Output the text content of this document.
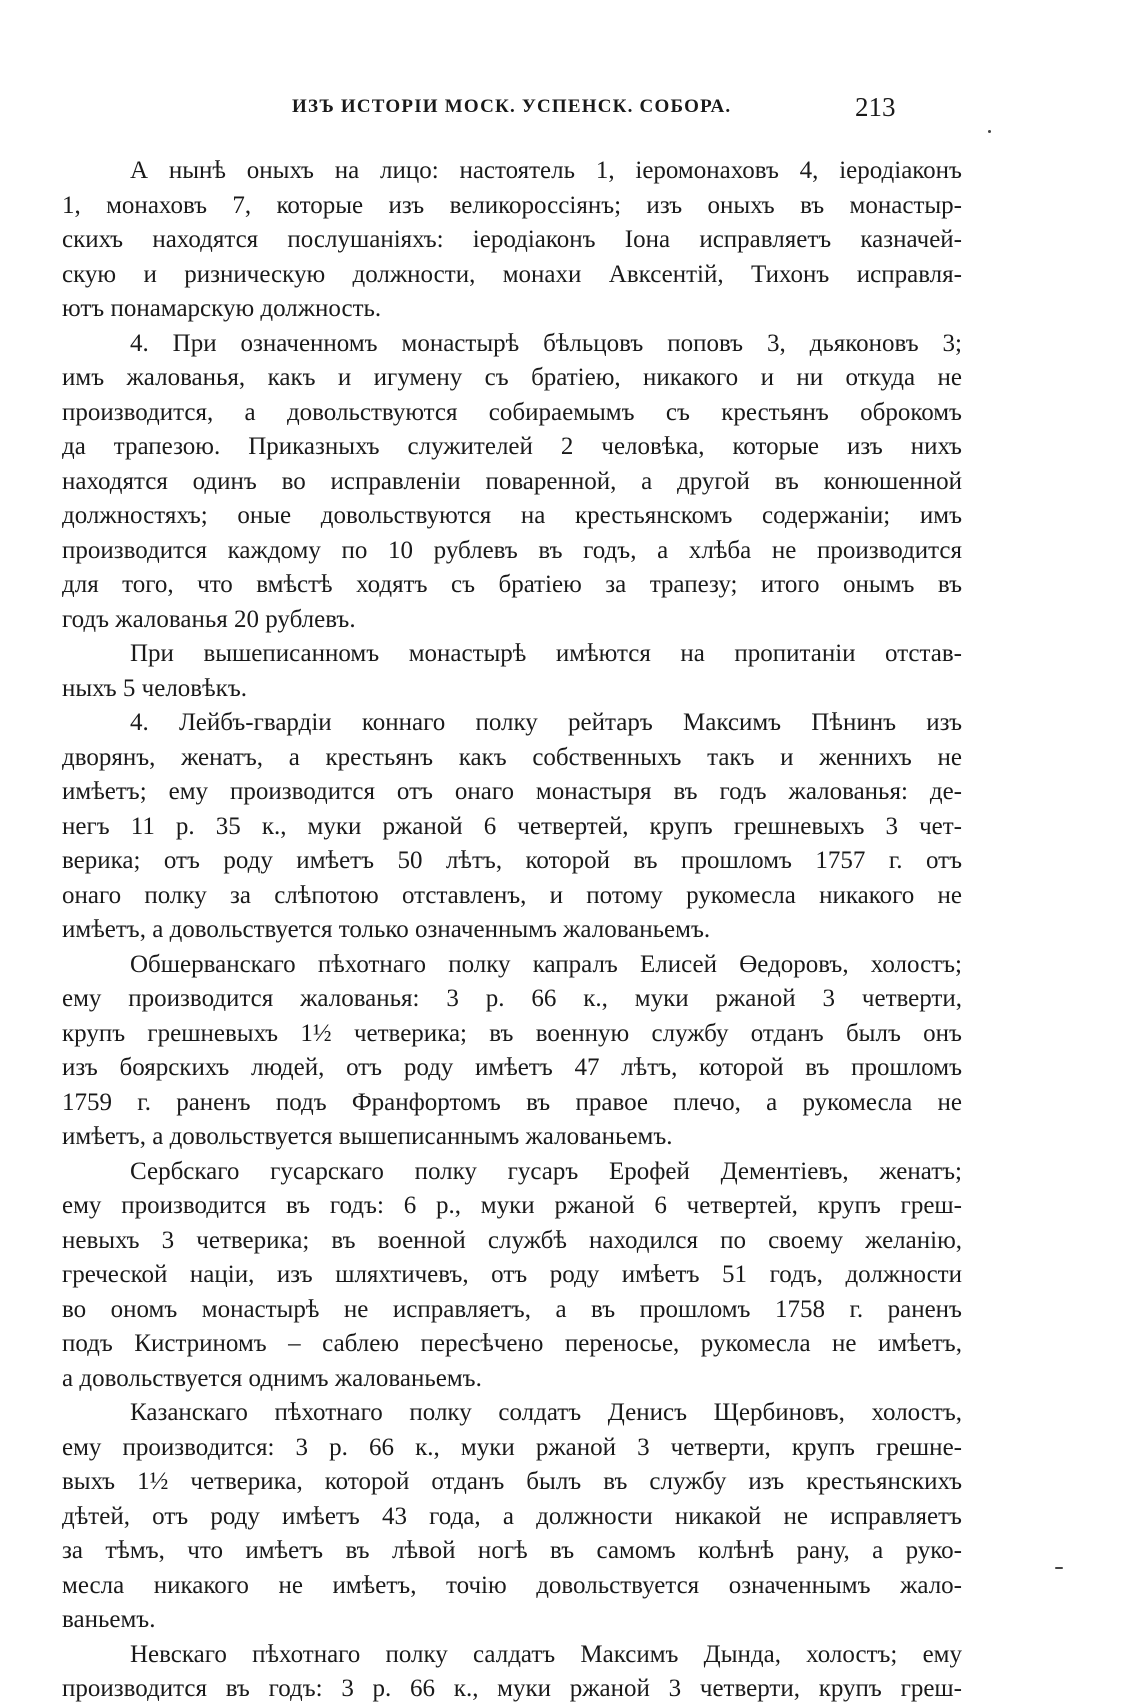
ИЗЪ ИСТОРІИ МОСК. УСПЕНСК. СОБОРА.	213
А нынѣ оныхъ на лицо: настоятель 1, іеромонаховъ 4, іеродіаконъ
1, монаховъ 7, которые изъ великороссіянъ; изъ оныхъ въ монастыр-
скихъ находятся послушаніяхъ: іеродіаконъ Іона исправляетъ казначей-
скую и ризническую должности, монахи Авксентій, Тихонъ исправля-
ютъ понамарскую должность.
4. При означенномъ монастырѣ бѣльцовъ поповъ 3, дьяконовъ 3;
имъ жалованья, какъ и игумену съ братіею, никакого и ни откуда не
производится, а довольствуются собираемымъ съ крестьянъ оброкомъ
да трапезою. Приказныхъ служителей 2 человѣка, которые изъ нихъ
находятся одинъ во исправленіи поваренной, а другой въ конюшенной
должностяхъ; оные довольствуются на крестьянскомъ содержаніи; имъ
производится каждому по 10 рублевъ въ годъ, а хлѣба не производится
для того, что вмѣстѣ ходятъ съ братіею за трапезу; итого онымъ въ
годъ жалованья 20 рублевъ.
При вышеписанномъ монастырѣ имѣются на пропитаніи отстав-
ныхъ 5 человѣкъ.
4. Лейбъ-гвардіи коннаго полку рейтаръ Максимъ Пѣнинъ изъ
дворянъ, женатъ, а крестьянъ какъ собственныхъ такъ и женнихъ не
имѣетъ; ему производится отъ онаго монастыря въ годъ жалованья: де-
негъ 11 р. 35 к., муки ржаной 6 четвертей, крупъ грешневыхъ 3 чет-
верика; отъ роду имѣетъ 50 лѣтъ, которой въ прошломъ 1757 г. отъ
онаго полку за слѣпотою отставленъ, и потому рукомесла никакого не
имѣетъ, а довольствуется только означеннымъ жалованьемъ.
Обшерванскаго пѣхотнаго полку капралъ Елисей Өедоровъ, холостъ;
ему производится жалованья: 3 р. 66 к., муки ржаной 3 четверти,
крупъ грешневыхъ 1½ четверика; въ военную службу отданъ былъ онъ
изъ боярскихъ людей, отъ роду имѣетъ 47 лѣтъ, которой въ прошломъ
1759 г. раненъ подъ Франфортомъ въ правое плечо, а рукомесла не
имѣетъ, а довольствуется вышеписаннымъ жалованьемъ.
Сербскаго гусарскаго полку гусаръ Ерофей Дементіевъ, женатъ;
ему производится въ годъ: 6 р., муки ржаной 6 четвертей, крупъ греш-
невыхъ 3 четверика; въ военной службѣ находился по своему желанію,
греческой націи, изъ шляхтичевъ, отъ роду имѣетъ 51 годъ, должности
во ономъ монастырѣ не исправляетъ, а въ прошломъ 1758 г. раненъ
подъ Кистриномъ – саблею пересѣчено переносье, рукомесла не имѣетъ,
а довольствуется однимъ жалованьемъ.
Казанскаго пѣхотнаго полку солдатъ Денисъ Щербиновъ, холостъ,
ему производится: 3 р. 66 к., муки ржаной 3 четверти, крупъ грешне-
выхъ 1½ четверика, которой отданъ былъ въ службу изъ крестьянскихъ
дѣтей, отъ роду имѣетъ 43 года, а должности никакой не исправляетъ
за тѣмъ, что имѣетъ въ лѣвой ногѣ въ самомъ колѣнѣ рану, а руко-
месла никакого не имѣетъ, точію довольствуется означеннымъ жало-
ваньемъ.
Невскаго пѣхотнаго полку салдатъ Максимъ Дында, холостъ; ему
производится въ годъ: 3 р. 66 к., муки ржаной 3 четверти, крупъ греш-
